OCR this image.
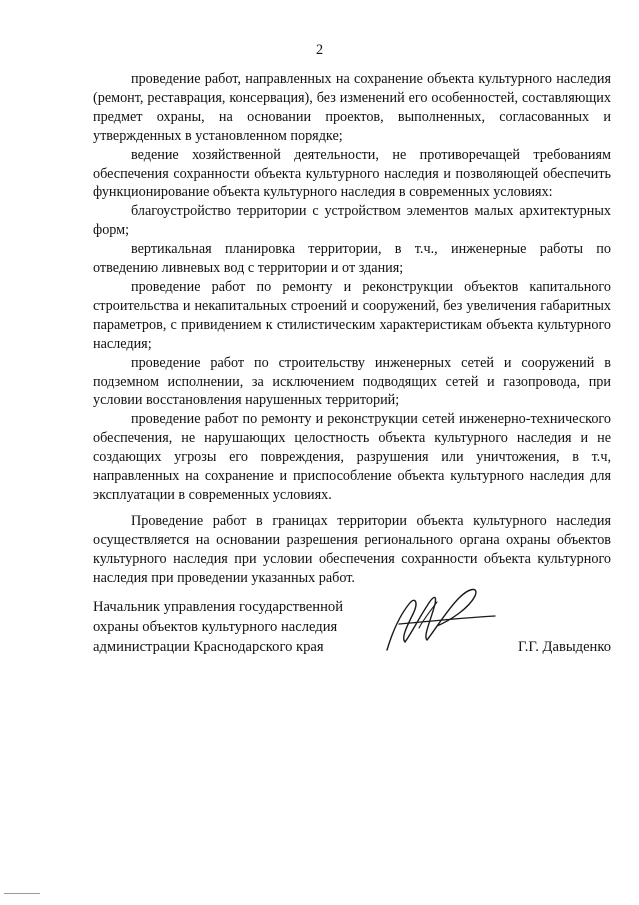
2

проведение работ, направленных на сохранение объекта культурного наследия (ремонт, реставрация, консервация), без изменений его особенностей, составляющих предмет охраны, на основании проектов, выполненных, согласованных и утвержденных в установленном порядке;

ведение хозяйственной деятельности, не противоречащей требованиям обеспечения сохранности объекта культурного наследия и позволяющей обеспечить функционирование объекта культурного наследия в современных условиях:

благоустройство территории с устройством элементов малых архитектурных форм;

вертикальная планировка территории, в т.ч., инженерные работы по отведению ливневых вод с территории и от здания;

проведение работ по ремонту и реконструкции объектов капитального строительства и некапитальных строений и сооружений, без увеличения габаритных параметров, с привидением к стилистическим характеристикам объекта культурного наследия;

проведение работ по строительству инженерных сетей и сооружений в подземном исполнении, за исключением подводящих сетей и газопровода, при условии восстановления нарушенных территорий;

проведение работ по ремонту и реконструкции сетей инженерно-технического обеспечения, не нарушающих целостность объекта культурного наследия и не создающих угрозы его повреждения, разрушения или уничтожения, в т.ч, направленных на сохранение и приспособление объекта культурного наследия для эксплуатации в современных условиях.

Проведение работ в границах территории объекта культурного наследия осуществляется на основании разрешения регионального органа охраны объектов культурного наследия при условии обеспечения сохранности объекта культурного наследия при проведении указанных работ.

Начальник управления государственной
охраны объектов культурного наследия
администрации Краснодарского края	Г.Г. Давыденко
